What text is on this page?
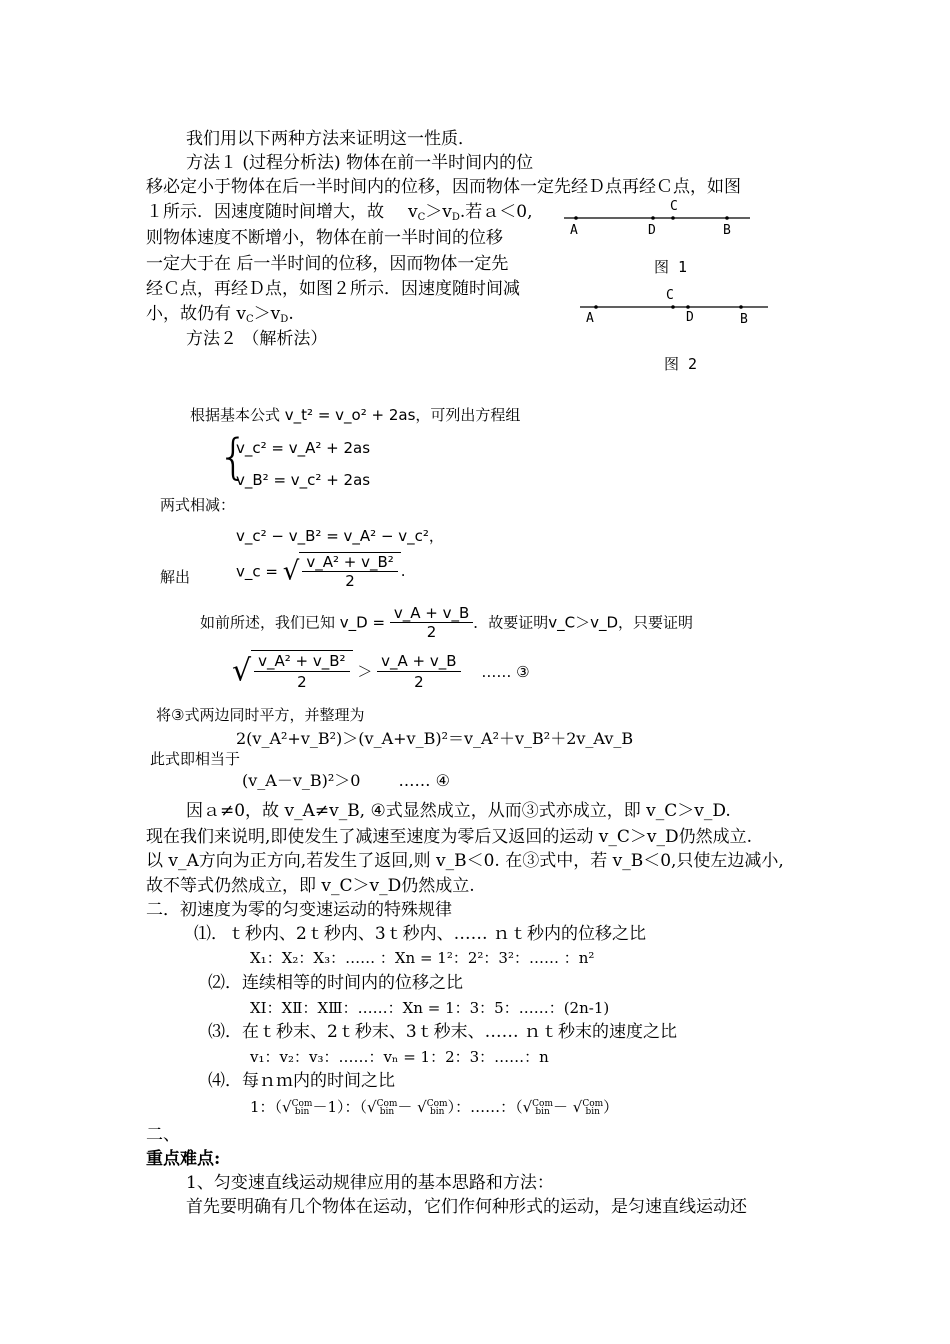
我们用以下两种方法来证明这一性质．
方法１ (过程分析法) 物体在前一半时间内的位
移必定小于物体在后一半时间内的位移，因而物体一定先经Ｄ点再经Ｃ点，如图
１所示．因速度随时间增大，故 $v_C>v_D$.若ａ＜0,
则物体速度不断增小，物体在前一半时间的位移
一定大于在 后一半时间的位移，因而物体一定先
经Ｃ点，再经Ｄ点，如图２所示．因速度随时间减
小，故仍有 $v_C>v_D$.
方法２ （解析法）
A	D
C
B
图 1
A
C
D	B
图 2
根据基本公式 v_t² = v_o² + 2as，可列出方程组
{
v_c² = v_A² + 2as
v_B² = v_c² + 2as
两式相减：
v_c² − v_B² = v_A² − v_c²，
解出	v_c = √ $\frac{\text{v\_A² + v\_B²}}{2}$ .
如前所述，我们已知 v_D = $\frac{v\_A + v\_B}{2}$ ．故要证明v_C＞v_D，只要证明
√ $\frac{\text{v\_A² + v\_B²}}{2} > \frac{v\_A + v\_B}{2}$ …… ③
将③式两边同时平方，并整理为
2(v_A²+v_B²)＞(v_A+v_B)²＝v_A²＋v_B²＋2v_Av_B
此式即相当于
(v_A－v_B)²＞0 …… ④
因ａ≠0，故 v_A≠v_B, ④式显然成立，从而③式亦成立，即 v_C＞v_D.
现在我们来说明,即使发生了减速至速度为零后又返回的运动 v_C＞v_D仍然成立.
以 v_A方向为正方向,若发生了返回,则 v_B＜0. 在③式中，若 v_B＜0,只使左边减小,
故不等式仍然成立，即 v_C＞v_D仍然成立.
二．初速度为零的匀变速运动的特殊规律
⑴．ｔ秒内、2ｔ秒内、3ｔ秒内、…… ｎｔ秒内的位移之比
X₁：X₂：X₃：…… ：Xn = 1²：2²：3²：…… ：n²
⑵．连续相等的时间内的位移之比
XⅠ：XⅡ：XⅢ：……：Xn = 1：3：5：……：(2n-1)
⑶．在ｔ秒末、2ｔ秒末、3ｔ秒末、…… ｎｔ秒末的速度之比
v₁：v₂：v₃：……：vₙ = 1：2：3：……：n
⑷．每ｎｍ内的时间之比
1：（√Com
bin －1）：（√Com
bin － √Com
bin ）：……：（√Com
bin － √Com
bin ）
二、
重点难点:
1、匀变速直线运动规律应用的基本思路和方法：
首先要明确有几个物体在运动，它们作何种形式的运动，是匀速直线运动还
